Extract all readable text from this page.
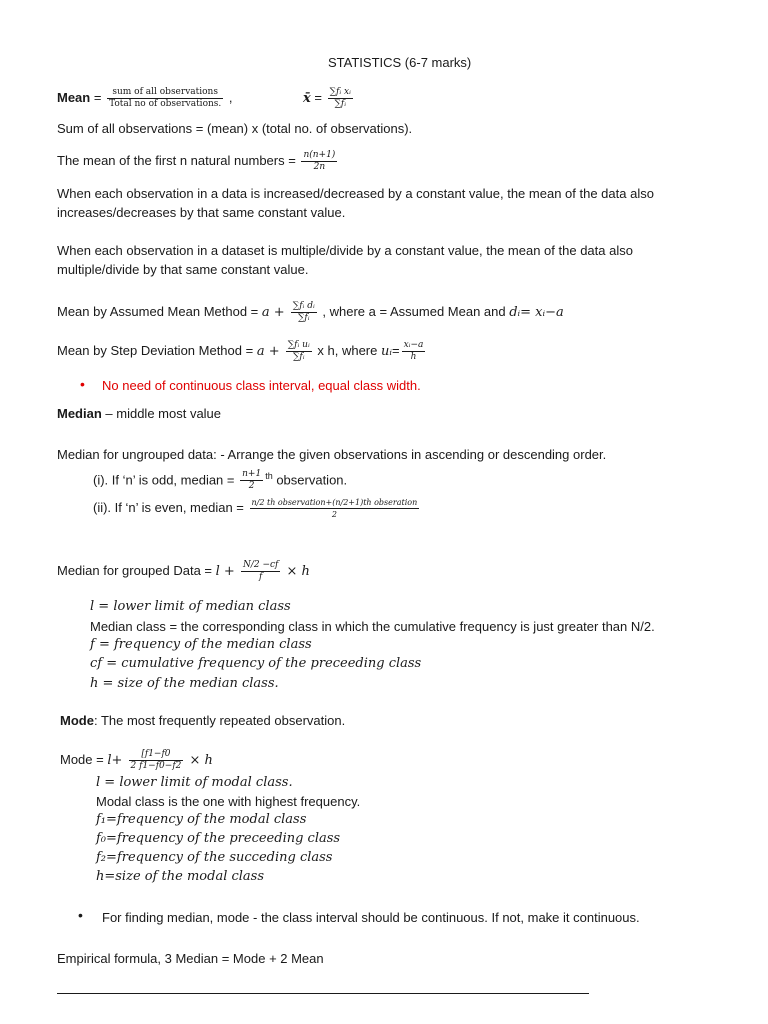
STATISTICS (6-7 marks)
Mean = $\frac{\text{sum of all observations}}{\text{Total no of observations.}}$ ,	x̄ = $\frac{\text{∑fᵢ xᵢ}}{\text{∑fᵢ}}$
Sum of all observations = (mean) x (total no. of observations).
The mean of the first n natural numbers = $\frac{n(n+1)}{2n}$
When each observation in a data is increased/decreased by a constant value, the mean of the data also
increases/decreases by that same constant value.
When each observation in a dataset is multiple/divide by a constant value, the mean of the data also
multiple/divide by that same constant value.
Mean by Assumed Mean Method = $a + \frac{\text{∑fᵢ dᵢ}}{\text{∑fᵢ}}$ , where a = Assumed Mean and dᵢ= xᵢ−a
Mean by Step Deviation Method = $a + \frac{\text{∑fᵢ uᵢ}}{\text{∑fᵢ}}$ x h, where uᵢ= $\frac{\text{xᵢ−a}}{h}$
• No need of continuous class interval, equal class width.
Median – middle most value
Median for ungrouped data: - Arrange the given observations in ascending or descending order.
(i). If ‘n’ is odd, median = $\frac{n+1}{2} ^{th}$ observation.
(ii). If ‘n’ is even, median = $\frac{\text{n/2 th observation+(n/2+1)th obseration}}{2}$
Median for grouped Data = $l + \frac{N/2 -cf}{f} \times h$
l = lower limit of median class
Median class = the corresponding class in which the cumulative frequency is just greater than N/2.
f = frequency of the median class
cf = cumulative frequency of the preceeding class
h = size of the median class.
Mode: The most frequently repeated observation.
Mode = $l+ \frac{[f1-f0}{2 f1-f0-f2} \times h$
l = lower limit of modal class.
Modal class is the one with highest frequency.
f₁=frequency of the modal class
f₀=frequency of the preceeding class
f₂=frequency of the succeding class
h=size of the modal class
• For finding median, mode - the class interval should be continuous. If not, make it continuous.
Empirical formula, 3 Median = Mode + 2 Mean
